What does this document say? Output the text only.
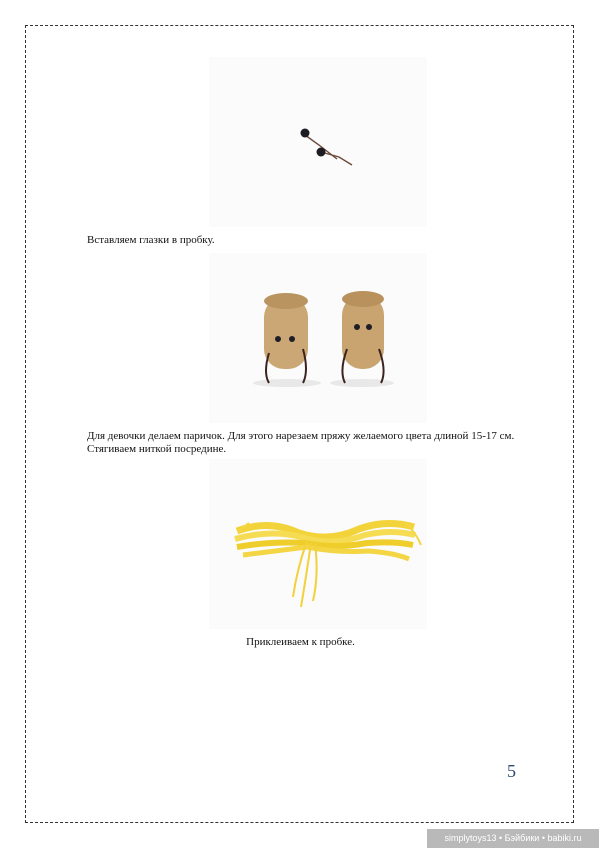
Вставляем глазки в пробку.

Для девочки делаем паричок. Для этого нарезаем пряжу желаемого цвета длиной 15-17 см. Стягиваем ниткой посредине.

Приклеиваем к пробке.

5
simplytoys13 • Бэйбики • babiki.ru
